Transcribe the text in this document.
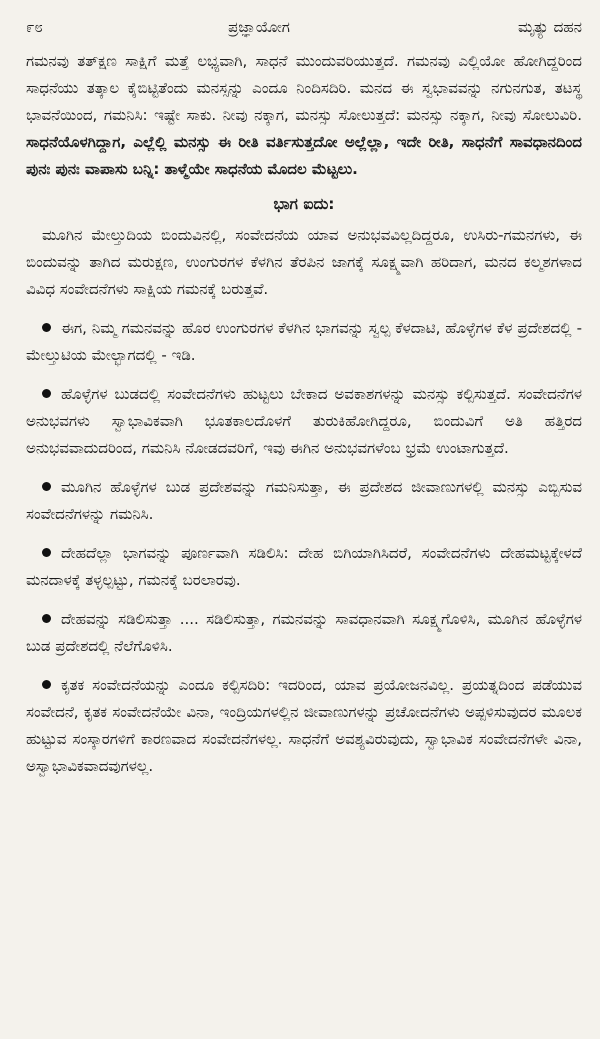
೯೮	ಪ್ರಜ್ಞಾಯೋಗ	ಮೃತ್ಯು ದಹನ

ಗಮನವು ತತ್‌ಕ್ಷಣ ಸಾಕ್ಷಿಗೆ ಮತ್ತೆ ಲಭ್ಯವಾಗಿ, ಸಾಧನೆ ಮುಂದುವರಿಯುತ್ತದೆ. ಗಮನವು ಎಲ್ಲಿಯೋ ಹೋಗಿದ್ದರಿಂದ ಸಾಧನೆಯು ತತ್ಕಾಲ ಕೈಬಿಟ್ಟಿತೆಂದು ಮನಸ್ಸನ್ನು ಎಂದೂ ನಿಂದಿಸದಿರಿ. ಮನದ ಈ ಸ್ವಭಾವವನ್ನು ನಗುನಗುತ, ತಟಸ್ಥ ಭಾವನೆಯಿಂದ, ಗಮನಿಸಿ: ಇಷ್ಟೇ ಸಾಕು. ನೀವು ನಕ್ಕಾಗ, ಮನಸ್ಸು ಸೋಲುತ್ತದೆ: ಮನಸ್ಸು ನಕ್ಕಾಗ, ನೀವು ಸೋಲುವಿರಿ. ಸಾಧನೆಯೊಳಗಿದ್ದಾಗ, ಎಲ್ಲೆಲ್ಲಿ ಮನಸ್ಸು ಈ ರೀತಿ ವರ್ತಿಸುತ್ತದೋ ಅಲ್ಲೆಲ್ಲಾ, ಇದೇ ರೀತಿ, ಸಾಧನೆಗೆ ಸಾವಧಾನದಿಂದ ಪುನಃ ಪುನಃ ವಾಪಾಸು ಬನ್ನಿ: ತಾಳ್ಮೆಯೇ ಸಾಧನೆಯ ಮೊದಲ ಮೆಟ್ಟಲು.

ಭಾಗ ಐದು:

ಮೂಗಿನ ಮೇಲ್ತುದಿಯ ಬಿಂದುವಿನಲ್ಲಿ, ಸಂವೇದನೆಯ ಯಾವ ಅನುಭವವಿಲ್ಲದಿದ್ದರೂ, ಉಸಿರು-ಗಮನಗಳು, ಈ ಬಿಂದುವನ್ನು ತಾಗಿದ ಮರುಕ್ಷಣ, ಉಂಗುರಗಳ ಕೆಳಗಿನ ತೆರಪಿನ ಜಾಗಕ್ಕೆ ಸೂಕ್ಷ್ಮವಾಗಿ ಹರಿದಾಗ, ಮನದ ಕಲ್ಮಶಗಳಾದ ವಿವಿಧ ಸಂವೇದನೆಗಳು ಸಾಕ್ಷಿಯ ಗಮನಕ್ಕೆ ಬರುತ್ತವೆ.

ಈಗ, ನಿಮ್ಮ ಗಮನವನ್ನು ಹೊರ ಉಂಗುರಗಳ ಕೆಳಗಿನ ಭಾಗವನ್ನು ಸ್ವಲ್ಪ ಕೆಳದಾಟಿ, ಹೊಳ್ಳೆಗಳ ಕೆಳ ಪ್ರದೇಶದಲ್ಲಿ - ಮೇಲ್ತುಟಿಯ ಮೇಲ್ಭಾಗದಲ್ಲಿ - ಇಡಿ.

ಹೊಳ್ಳೆಗಳ ಬುಡದಲ್ಲಿ ಸಂವೇದನೆಗಳು ಹುಟ್ಟಲು ಬೇಕಾದ ಅವಕಾಶಗಳನ್ನು ಮನಸ್ಸು ಕಲ್ಪಿಸುತ್ತದೆ. ಸಂವೇದನೆಗಳ ಅನುಭವಗಳು ಸ್ವಾಭಾವಿಕವಾಗಿ ಭೂತಕಾಲದೊಳಗೆ ತುರುಕಿಹೋಗಿದ್ದರೂ, ಬಿಂದುವಿಗೆ ಅತಿ ಹತ್ತಿರದ ಅನುಭವವಾದುದರಿಂದ, ಗಮನಿಸಿ ನೋಡದವರಿಗೆ, ಇವು ಈಗಿನ ಅನುಭವಗಳೆಂಬ ಭ್ರಮೆ ಉಂಟಾಗುತ್ತದೆ.

ಮೂಗಿನ ಹೊಳ್ಳೆಗಳ ಬುಡ ಪ್ರದೇಶವನ್ನು ಗಮನಿಸುತ್ತಾ, ಈ ಪ್ರದೇಶದ ಜೀವಾಣುಗಳಲ್ಲಿ ಮನಸ್ಸು ಎಬ್ಬಿಸುವ ಸಂವೇದನೆಗಳನ್ನು ಗಮನಿಸಿ.

ದೇಹದೆಲ್ಲಾ ಭಾಗವನ್ನು ಪೂರ್ಣವಾಗಿ ಸಡಿಲಿಸಿ: ದೇಹ ಬಿಗಿಯಾಗಿಸಿದರೆ, ಸಂವೇದನೆಗಳು ದೇಹಮಟ್ಟಕ್ಕೇಳದೆ ಮನದಾಳಕ್ಕೆ ತಳ್ಳಲ್ಪಟ್ಟು, ಗಮನಕ್ಕೆ ಬರಲಾರವು.

ದೇಹವನ್ನು ಸಡಿಲಿಸುತ್ತಾ .... ಸಡಿಲಿಸುತ್ತಾ, ಗಮನವನ್ನು ಸಾವಧಾನವಾಗಿ ಸೂಕ್ಷ್ಮಗೊಳಿಸಿ, ಮೂಗಿನ ಹೊಳ್ಳೆಗಳ ಬುಡ ಪ್ರದೇಶದಲ್ಲಿ ನೆಲೆಗೊಳಿಸಿ.

ಕೃತಕ ಸಂವೇದನೆಯನ್ನು ಎಂದೂ ಕಲ್ಪಿಸದಿರಿ: ಇದರಿಂದ, ಯಾವ ಪ್ರಯೋಜನವಿಲ್ಲ. ಪ್ರಯತ್ನದಿಂದ ಪಡೆಯುವ ಸಂವೇದನೆ, ಕೃತಕ ಸಂವೇದನೆಯೇ ವಿನಾ, ಇಂದ್ರಿಯಗಳಲ್ಲಿನ ಜೀವಾಣುಗಳನ್ನು ಪ್ರಚೋದನೆಗಳು ಅಪ್ಪಳಿಸುವುದರ ಮೂಲಕ ಹುಟ್ಟುವ ಸಂಸ್ಕಾರಗಳಿಗೆ ಕಾರಣವಾದ ಸಂವೇದನೆಗಳಲ್ಲ. ಸಾಧನೆಗೆ ಅವಶ್ಯವಿರುವುದು, ಸ್ವಾಭಾವಿಕ ಸಂವೇದನೆಗಳೇ ವಿನಾ, ಅಸ್ವಾಭಾವಿಕವಾದವುಗಳಲ್ಲ.
